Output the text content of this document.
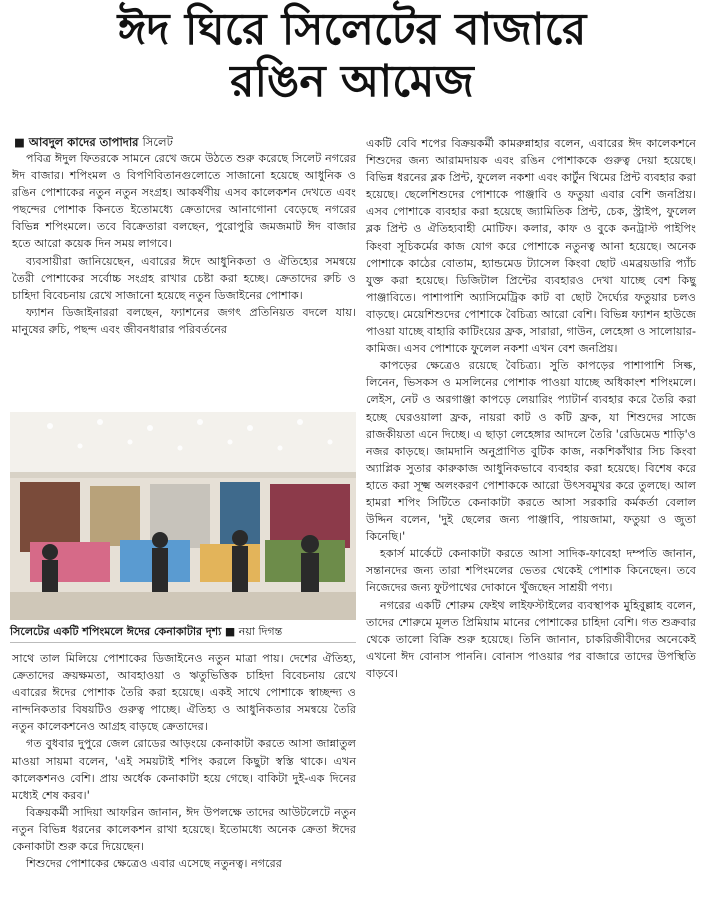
ঈদ ঘিরে সিলেটের বাজারে
রঙিন আমেজ
■ আবদুল কাদের তাপাদার সিলেট

পবিত্র ঈদুল ফিতরকে সামনে রেখে জমে উঠতে শুরু করেছে সিলেট নগরের ঈদ বাজার। শপিংমল ও বিপণিবিতানগুলোতে সাজানো হয়েছে আধুনিক ও রঙিন পোশাকের নতুন নতুন সংগ্রহ। আকর্ষণীয় এসব কালেকশন দেখতে এবং পছন্দের পোশাক কিনতে ইতোমধ্যে ক্রেতাদের আনাগোনা বেড়েছে নগরের বিভিন্ন শপিংমলে। তবে বিক্রেতারা বলছেন, পুরোপুরি জমজমাট ঈদ বাজার হতে আরো কয়েক দিন সময় লাগবে।

ব্যবসায়ীরা জানিয়েছেন, এবারের ঈদে আধুনিকতা ও ঐতিহ্যের সমন্বয়ে তৈরী পোশাকের সর্বোচ্চ সংগ্রহ রাখার চেষ্টা করা হচ্ছে। ক্রেতাদের রুচি ও চাহিদা বিবেচনায় রেখে সাজানো হয়েছে নতুন ডিজাইনের পোশাক।

ফ্যাশন ডিজাইনাররা বলছেন, ফ্যাশনের জগৎ প্রতিনিয়ত বদলে যায়। মানুষের রুচি, পছন্দ এবং জীবনধারার পরিবর্তনের

সিলেটের একটি শপিংমলে ঈদের কেনাকাটার দৃশ্য ■ নয়া দিগন্ত

সাথে তাল মিলিয়ে পোশাকের ডিজাইনেও নতুন মাত্রা পায়। দেশের ঐতিহ্য, ক্রেতাদের ক্রয়ক্ষমতা, আবহাওয়া ও ঋতুভিত্তিক চাহিদা বিবেচনায় রেখে এবারের ঈদের পোশাক তৈরি করা হয়েছে। একই সাথে পোশাকে স্বাচ্ছন্দ্য ও নান্দনিকতার বিষয়টিও গুরুত্ব পাচ্ছে। ঐতিহ্য ও আধুনিকতার সমন্বয়ে তৈরি নতুন কালেকশনেও আগ্রহ বাড়ছে ক্রেতাদের।

গত বুধবার দুপুরে জেল রোডের আড়ংয়ে কেনাকাটা করতে আসা জান্নাতুল মাওয়া সায়মা বলেন, 'এই সময়টাই শপিং করলে কিছুটা স্বস্তি থাকে। এখন কালেকশনও বেশি। প্রায় অর্ধেক কেনাকাটা হয়ে গেছে। বাকিটা দুই-এক দিনের মধ্যেই শেষ করব।'

বিক্রয়কর্মী সাদিয়া আফরিন জানান, ঈদ উপলক্ষে তাদের আউটলেটে নতুন নতুন বিভিন্ন ধরনের কালেকশন রাখা হয়েছে। ইতোমধ্যে অনেক ক্রেতা ঈদের কেনাকাটা শুরু করে দিয়েছেন।

শিশুদের পোশাকের ক্ষেত্রেও এবার এসেছে নতুনত্ব। নগরের

একটি বেবি শপের বিক্রয়কর্মী কামরুন্নাহার বলেন, এবারের ঈদ কালেকশনে শিশুদের জন্য আরামদায়ক এবং রঙিন পোশাককে গুরুত্ব দেয়া হয়েছে। বিভিন্ন ধরনের ব্লক প্রিন্ট, ফুলেল নকশা এবং কার্টুন থিমের প্রিন্ট ব্যবহার করা হয়েছে। ছেলেশিশুদের পোশাকে পাঞ্জাবি ও ফতুয়া এবার বেশি জনপ্রিয়। এসব পোশাকে ব্যবহার করা হয়েছে জ্যামিতিক প্রিন্ট, চেক, স্ট্রাইপ, ফুলেল ব্লক প্রিন্ট ও ঐতিহ্যবাহী মোটিফ। কলার, কাফ ও বুকে কনট্রাস্ট পাইপিং কিংবা সূচিকর্মের কাজ যোগ করে পোশাকে নতুনত্ব আনা হয়েছে। অনেক পোশাকে কাঠের বোতাম, হ্যান্ডমেড ট্যাসেল কিংবা ছোট এমব্রয়ডারি প্যাঁচ যুক্ত করা হয়েছে। ডিজিটাল প্রিন্টের ব্যবহারও দেখা যাচ্ছে বেশ কিছু পাঞ্জাবিতে। পাশাপাশি অ্যাসিমেট্রিক কাট বা ছোট দৈর্ঘ্যের ফতুয়ার চলও বাড়ছে। মেয়েশিশুদের পোশাকে বৈচিত্র্য আরো বেশি। বিভিন্ন ফ্যাশন হাউজে পাওয়া যাচ্ছে বাহারি কাটিংয়ের ফ্রক, সারারা, গাউন, লেহেঙ্গা ও সালোয়ার-কামিজ। এসব পোশাকে ফুলেল নকশা এখন বেশ জনপ্রিয়।

কাপড়ের ক্ষেত্রেও রয়েছে বৈচিত্র্য। সুতি কাপড়ের পাশাপাশি সিল্ক, লিনেন, ভিসকস ও মসলিনের পোশাক পাওয়া যাচ্ছে অধিকাংশ শপিংমলে। লেইস, নেট ও অরগাঞ্জা কাপড়ে লেয়ারিং প্যাটার্ন ব্যবহার করে তৈরি করা হচ্ছে ঘেরওয়ালা ফ্রক, নায়রা কাট ও কটি ফ্রক, যা শিশুদের সাজে রাজকীয়তা এনে দিচ্ছে। এ ছাড়া লেহেঙ্গার আদলে তৈরি 'রেডিমেড শাড়ি'ও নজর কাড়ছে। জামদানি অনুপ্রাণিত বুটিক কাজ, নকশিকাঁথার সিচ কিংবা অ্যাপ্লিক সুতার কারুকাজ আধুনিকভাবে ব্যবহার করা হয়েছে। বিশেষ করে হাতে করা সূক্ষ্ম অলংকরণ পোশাককে আরো উৎসবমুখর করে তুলছে। আল হামরা শপিং সিটিতে কেনাকাটা করতে আসা সরকারি কর্মকর্তা বেলাল উদ্দিন বলেন, 'দুই ছেলের জন্য পাঞ্জাবি, পায়জামা, ফতুয়া ও জুতা কিনেছি।'

হকার্স মার্কেটে কেনাকাটা করতে আসা সাদিক-ফাবেহা দম্পতি জানান, সন্তানদের জন্য তারা শপিংমলের ভেতর থেকেই পোশাক কিনেছেন। তবে নিজেদের জন্য ফুটপাথের দোকানে খুঁজছেন সাশ্রয়ী পণ্য।

নগরের একটি শোরুম ফেইথ লাইফস্টাইলের ব্যবস্থাপক মুহিবুল্লাহ বলেন, তাদের শোরুমে মূলত প্রিমিয়াম মানের পোশাকের চাহিদা বেশি। গত শুক্রবার থেকে তালো বিক্রি শুরু হয়েছে। তিনি জানান, চাকরিজীবীদের অনেকেই এখনো ঈদ বোনাস পাননি। বোনাস পাওয়ার পর বাজারে তাদের উপস্থিতি বাড়বে।
